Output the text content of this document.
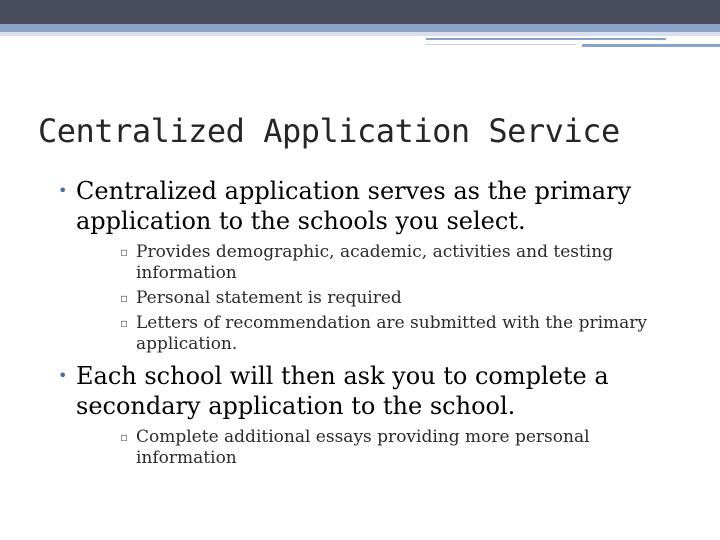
Centralized Application Service
• Centralized application serves as the primary application to the schools you select.
▫ Provides demographic, academic, activities and testing information
▫ Personal statement is required
▫ Letters of recommendation are submitted with the primary application.
• Each school will then ask you to complete a secondary application to the school.
▫ Complete additional essays providing more personal information
